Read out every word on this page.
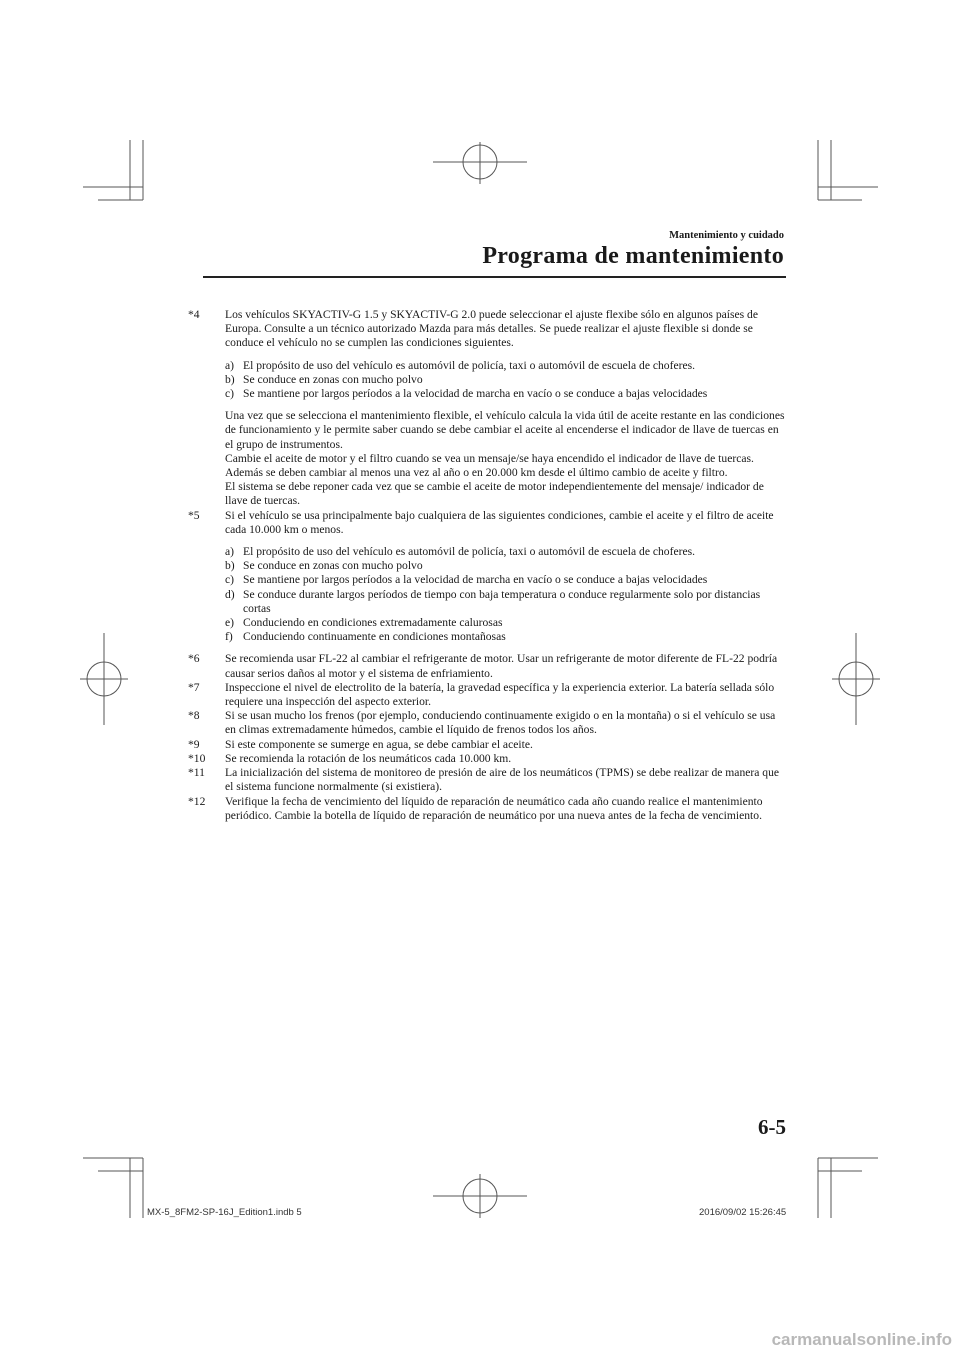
Mantenimiento y cuidado
Programa de mantenimiento
*4	Los vehículos SKYACTIV-G 1.5 y SKYACTIV-G 2.0 puede seleccionar el ajuste flexibe sólo en algunos países de Europa. Consulte a un técnico autorizado Mazda para más detalles. Se puede realizar el ajuste flexible si donde se conduce el vehículo no se cumplen las condiciones siguientes.
a) El propósito de uso del vehículo es automóvil de policía, taxi o automóvil de escuela de choferes.
b) Se conduce en zonas con mucho polvo
c) Se mantiene por largos períodos a la velocidad de marcha en vacío o se conduce a bajas velocidades
Una vez que se selecciona el mantenimiento flexible, el vehículo calcula la vida útil de aceite restante en las condiciones de funcionamiento y le permite saber cuando se debe cambiar el aceite al encenderse el indicador de llave de tuercas en el grupo de instrumentos.
Cambie el aceite de motor y el filtro cuando se vea un mensaje/se haya encendido el indicador de llave de tuercas. Además se deben cambiar al menos una vez al año o en 20.000 km desde el último cambio de aceite y filtro.
El sistema se debe reponer cada vez que se cambie el aceite de motor independientemente del mensaje/ indicador de llave de tuercas.
*5	Si el vehículo se usa principalmente bajo cualquiera de las siguientes condiciones, cambie el aceite y el filtro de aceite cada 10.000 km o menos.
a) El propósito de uso del vehículo es automóvil de policía, taxi o automóvil de escuela de choferes.
b) Se conduce en zonas con mucho polvo
c) Se mantiene por largos períodos a la velocidad de marcha en vacío o se conduce a bajas velocidades
d) Se conduce durante largos períodos de tiempo con baja temperatura o conduce regularmente solo por distancias cortas
e) Conduciendo en condiciones extremadamente calurosas
f) Conduciendo continuamente en condiciones montañosas
*6	Se recomienda usar FL-22 al cambiar el refrigerante de motor. Usar un refrigerante de motor diferente de FL-22 podría causar serios daños al motor y el sistema de enfriamiento.
*7	Inspeccione el nivel de electrolito de la batería, la gravedad específica y la experiencia exterior. La batería sellada sólo requiere una inspección del aspecto exterior.
*8	Si se usan mucho los frenos (por ejemplo, conduciendo continuamente exigido o en la montaña) o si el vehículo se usa en climas extremadamente húmedos, cambie el líquido de frenos todos los años.
*9	Si este componente se sumerge en agua, se debe cambiar el aceite.
*10	Se recomienda la rotación de los neumáticos cada 10.000 km.
*11	La inicialización del sistema de monitoreo de presión de aire de los neumáticos (TPMS) se debe realizar de manera que el sistema funcione normalmente (si existiera).
*12	Verifique la fecha de vencimiento del líquido de reparación de neumático cada año cuando realice el mantenimiento periódico. Cambie la botella de líquido de reparación de neumático por una nueva antes de la fecha de vencimiento.
6-5
MX-5_8FM2-SP-16J_Edition1.indb 5	2016/09/02 15:26:45
carmanualsonline.info
